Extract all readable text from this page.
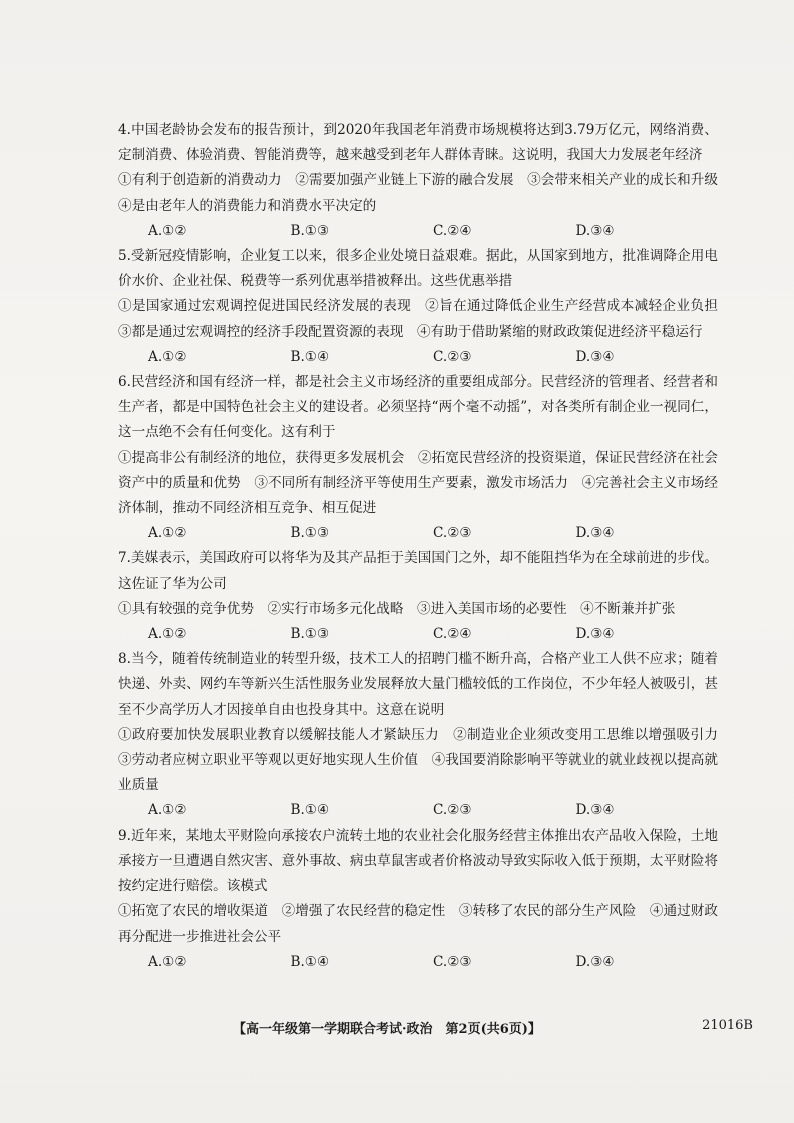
4.中国老龄协会发布的报告预计，到2020年我国老年消费市场规模将达到3.79万亿元，网络消费、定制消费、体验消费、智能消费等，越来越受到老年人群体青睐。这说明，我国大力发展老年经济

①有利于创造新的消费动力　②需要加强产业链上下游的融合发展　③会带来相关产业的成长和升级　④是由老年人的消费能力和消费水平决定的

A.①②	B.①③	C.②④	D.③④

5.受新冠疫情影响，企业复工以来，很多企业处境日益艰难。据此，从国家到地方，批准调降企用电价水价、企业社保、税费等一系列优惠举措被释出。这些优惠举措

①是国家通过宏观调控促进国民经济发展的表现　②旨在通过降低企业生产经营成本减轻企业负担　③都是通过宏观调控的经济手段配置资源的表现　④有助于借助紧缩的财政政策促进经济平稳运行

A.①②	B.①④	C.②③	D.③④

6.民营经济和国有经济一样，都是社会主义市场经济的重要组成部分。民营经济的管理者、经营者和生产者，都是中国特色社会主义的建设者。必须坚持“两个毫不动摇”，对各类所有制企业一视同仁，这一点绝不会有任何变化。这有利于

①提高非公有制经济的地位，获得更多发展机会　②拓宽民营经济的投资渠道，保证民营经济在社会资产中的质量和优势　③不同所有制经济平等使用生产要素，激发市场活力　④完善社会主义市场经济体制，推动不同经济相互竞争、相互促进

A.①②	B.①③	C.②③	D.③④

7.美媒表示，美国政府可以将华为及其产品拒于美国国门之外，却不能阻挡华为在全球前进的步伐。这佐证了华为公司

①具有较强的竞争优势　②实行市场多元化战略　③进入美国市场的必要性　④不断兼并扩张

A.①②	B.①③	C.②④	D.③④

8.当今，随着传统制造业的转型升级，技术工人的招聘门槛不断升高，合格产业工人供不应求；随着快递、外卖、网约车等新兴生活性服务业发展释放大量门槛较低的工作岗位，不少年轻人被吸引，甚至不少高学历人才因接单自由也投身其中。这意在说明

①政府要加快发展职业教育以缓解技能人才紧缺压力　②制造业企业须改变用工思维以增强吸引力　③劳动者应树立职业平等观以更好地实现人生价值　④我国要消除影响平等就业的就业歧视以提高就业质量

A.①②	B.①④	C.②③	D.③④

9.近年来，某地太平财险向承接农户流转土地的农业社会化服务经营主体推出农产品收入保险，土地承接方一旦遭遇自然灾害、意外事故、病虫草鼠害或者价格波动导致实际收入低于预期，太平财险将按约定进行赔偿。该模式

①拓宽了农民的增收渠道　②增强了农民经营的稳定性　③转移了农民的部分生产风险　④通过财政再分配进一步推进社会公平

A.①②	B.①④	C.②③	D.③④
【高一年级第一学期联合考试·政治　第2页(共6页)】	21016B
